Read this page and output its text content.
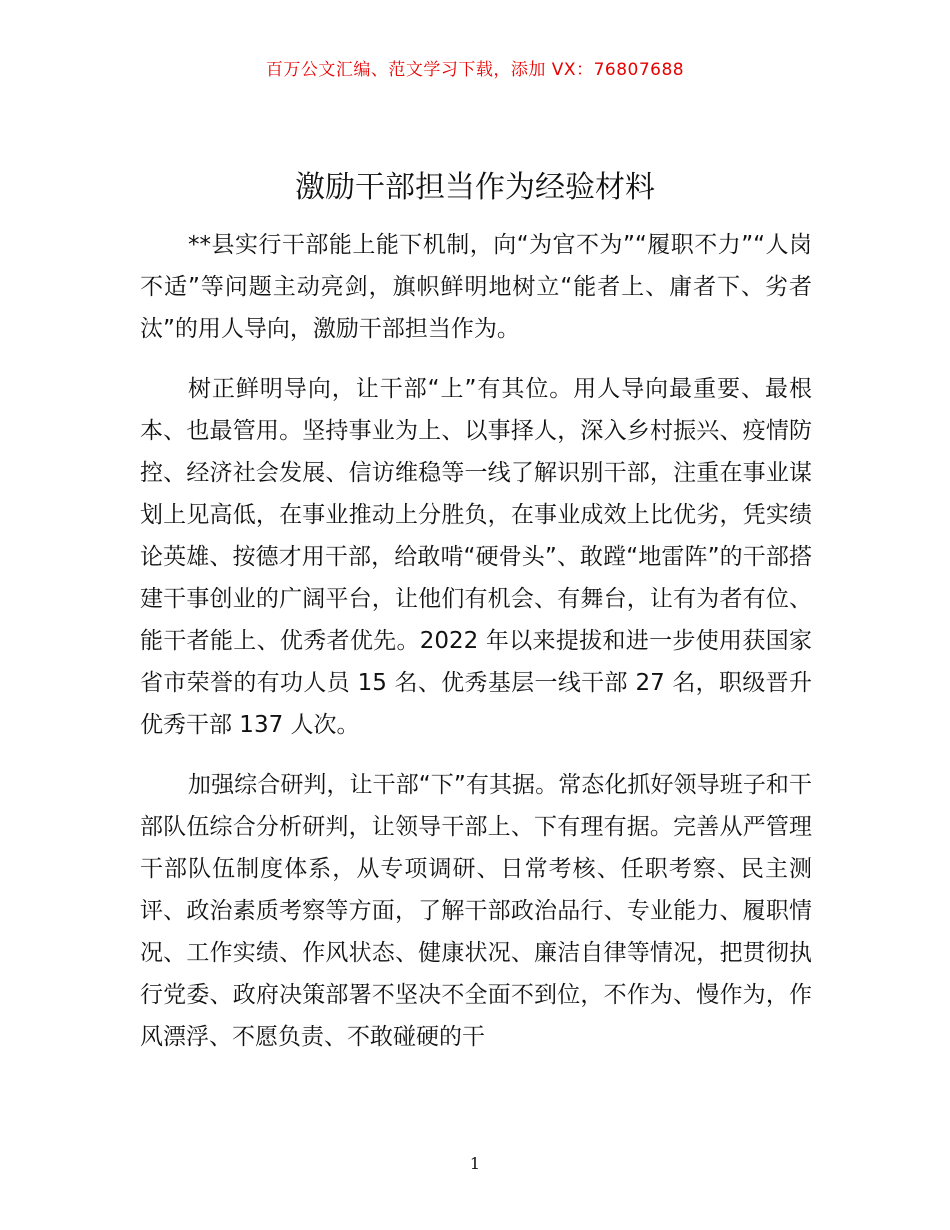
百万公文汇编、范文学习下载，添加 VX：76807688
激励干部担当作为经验材料

**县实行干部能上能下机制，向“为官不为”“履职不力”“人岗不适”等问题主动亮剑，旗帜鲜明地树立“能者上、庸者下、劣者汰”的用人导向，激励干部担当作为。

树正鲜明导向，让干部“上”有其位。用人导向最重要、最根本、也最管用。坚持事业为上、以事择人，深入乡村振兴、疫情防控、经济社会发展、信访维稳等一线了解识别干部，注重在事业谋划上见高低，在事业推动上分胜负，在事业成效上比优劣，凭实绩论英雄、按德才用干部，给敢啃“硬骨头”、敢蹚“地雷阵”的干部搭建干事创业的广阔平台，让他们有机会、有舞台，让有为者有位、能干者能上、优秀者优先。2022 年以来提拔和进一步使用获国家省市荣誉的有功人员 15 名、优秀基层一线干部 27 名，职级晋升优秀干部 137 人次。

加强综合研判，让干部“下”有其据。常态化抓好领导班子和干部队伍综合分析研判，让领导干部上、下有理有据。完善从严管理干部队伍制度体系，从专项调研、日常考核、任职考察、民主测评、政治素质考察等方面，了解干部政治品行、专业能力、履职情况、工作实绩、作风状态、健康状况、廉洁自律等情况，把贯彻执行党委、政府决策部署不坚决不全面不到位，不作为、慢作为，作风漂浮、不愿负责、不敢碰硬的干

1
